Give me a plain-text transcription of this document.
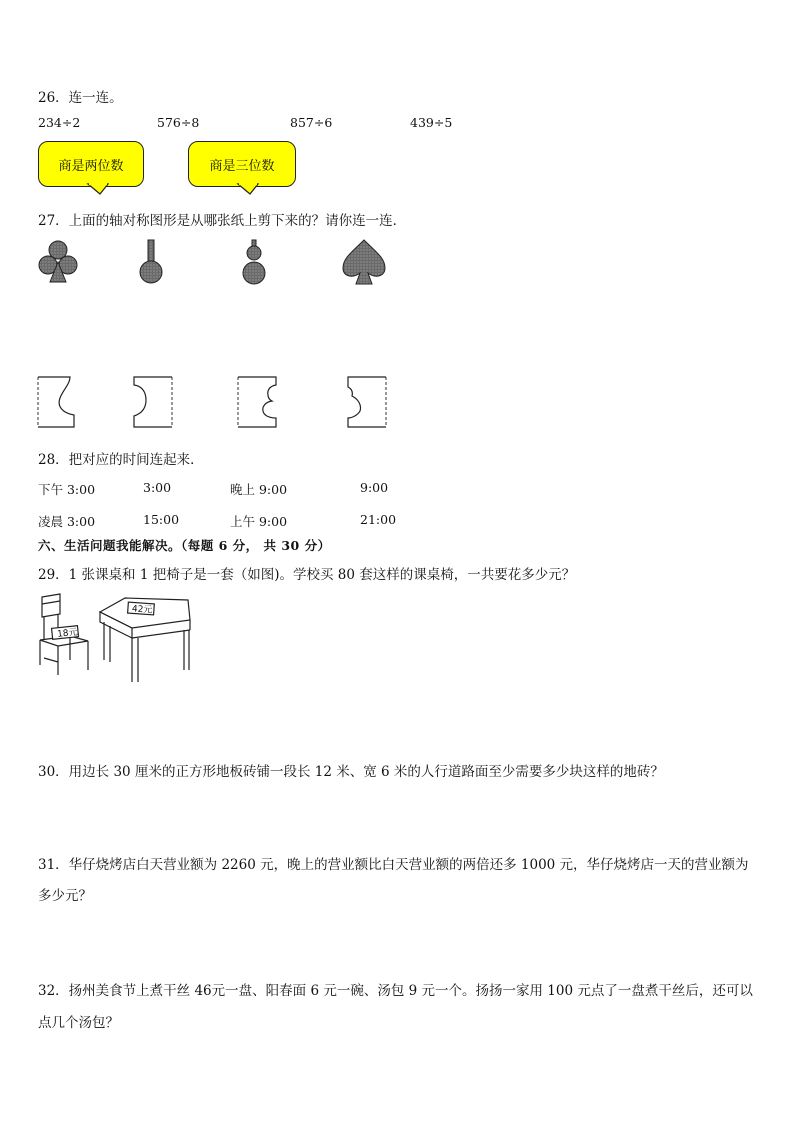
26．连一连。
234÷2	576÷8	857÷6	439÷5
商是两位数	商是三位数
27．上面的轴对称图形是从哪张纸上剪下来的？请你连一连．
18元
42元
28．把对应的时间连起来．
下午 3:00	3:00	晚上 9:00	9:00
凌晨 3:00	15:00	上午 9:00	21:00
六、生活问题我能解决。（每题 6 分， 共 30 分）
29．1 张课桌和 1 把椅子是一套（如图)。学校买 80 套这样的课桌椅，一共要花多少元？
30．用边长 30 厘米的正方形地板砖铺一段长 12 米、宽 6 米的人行道路面至少需要多少块这样的地砖？
31．华仔烧烤店白天营业额为 2260 元，晚上的营业额比白天营业额的两倍还多 1000 元，华仔烧烤店一天的营业额为
多少元？
32．扬州美食节上煮干丝 46元一盘、阳春面 6 元一碗、汤包 9 元一个。扬扬一家用 100 元点了一盘煮干丝后，还可以
点几个汤包？
